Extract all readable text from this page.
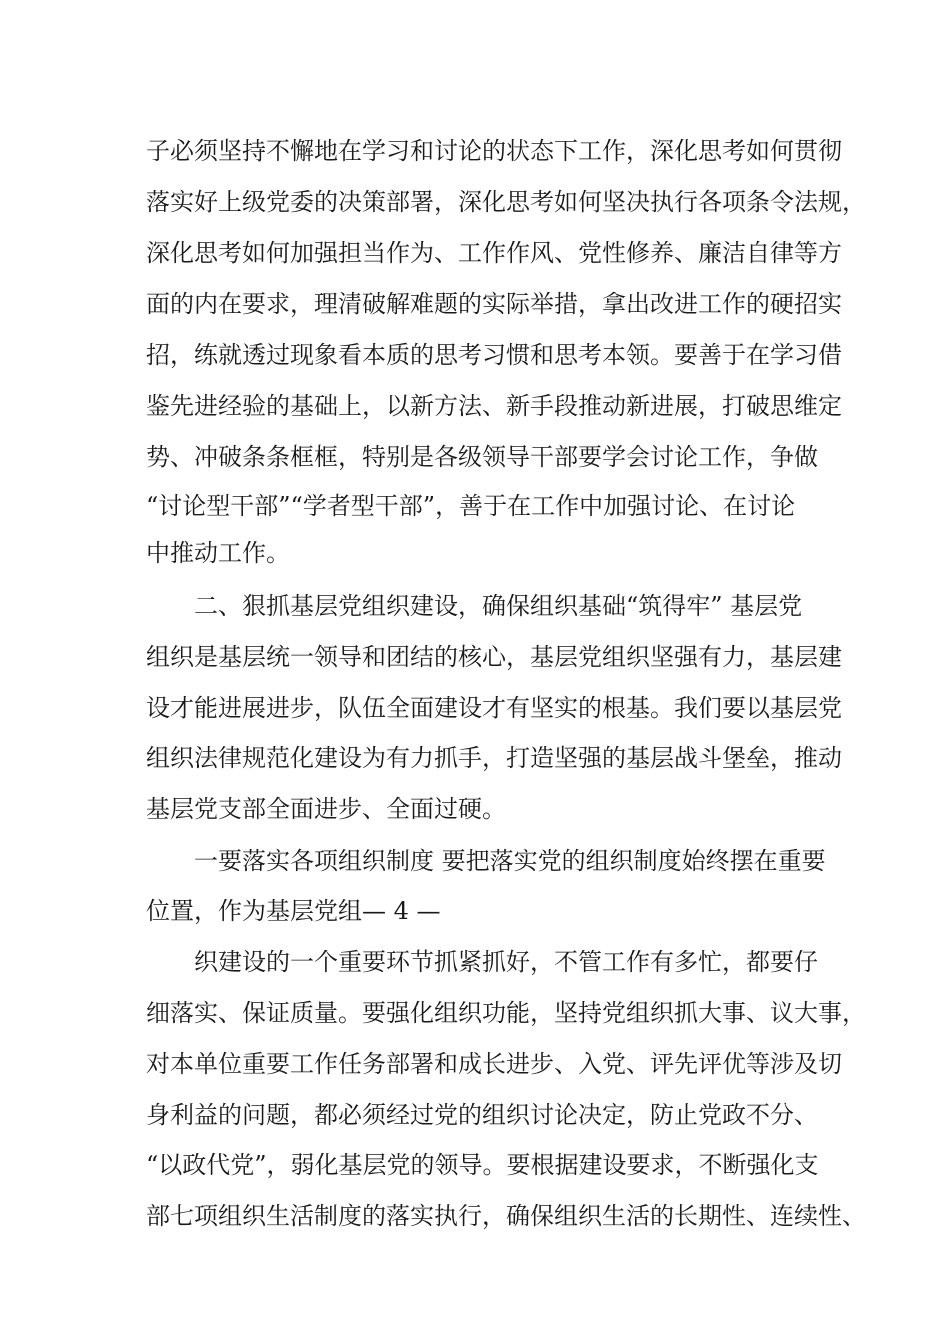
子必须坚持不懈地在学习和讨论的状态下工作，深化思考如何贯彻
落实好上级党委的决策部署，深化思考如何坚决执行各项条令法规，
深化思考如何加强担当作为、工作作风、党性修养、廉洁自律等方
面的内在要求，理清破解难题的实际举措，拿出改进工作的硬招实
招，练就透过现象看本质的思考习惯和思考本领。要善于在学习借
鉴先进经验的基础上，以新方法、新手段推动新进展，打破思维定
势、冲破条条框框，特别是各级领导干部要学会讨论工作，争做
“讨论型干部”“学者型干部”，善于在工作中加强讨论、在讨论
中推动工作。
　　二、狠抓基层党组织建设，确保组织基础“筑得牢” 基层党
组织是基层统一领导和团结的核心，基层党组织坚强有力，基层建
设才能进展进步，队伍全面建设才有坚实的根基。我们要以基层党
组织法律规范化建设为有力抓手，打造坚强的基层战斗堡垒，推动
基层党支部全面进步、全面过硬。
　　一要落实各项组织制度 要把落实党的组织制度始终摆在重要
位置，作为基层党组— 4 —
　　织建设的一个重要环节抓紧抓好，不管工作有多忙，都要仔
细落实、保证质量。要强化组织功能，坚持党组织抓大事、议大事，
对本单位重要工作任务部署和成长进步、入党、评先评优等涉及切
身利益的问题，都必须经过党的组织讨论决定，防止党政不分、
“以政代党”，弱化基层党的领导。要根据建设要求，不断强化支
部七项组织生活制度的落实执行，确保组织生活的长期性、连续性、
